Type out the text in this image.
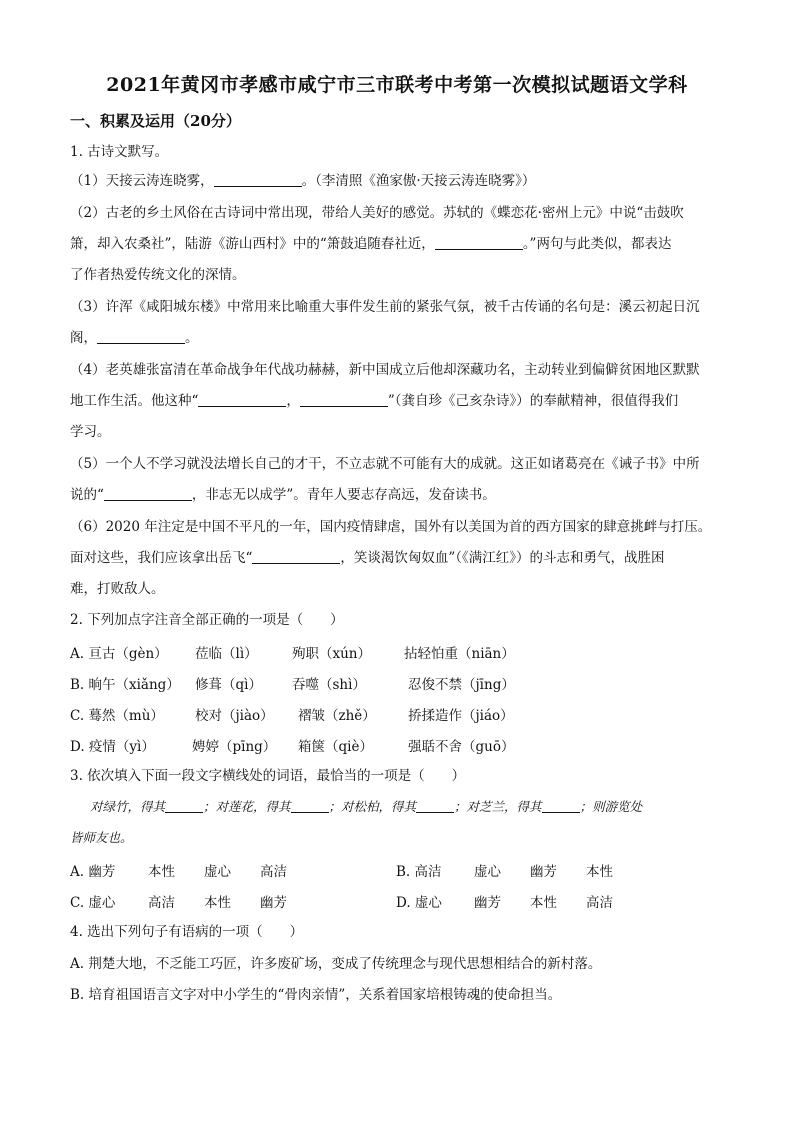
2021年黄冈市孝感市咸宁市三市联考中考第一次模拟试题语文学科
一、积累及运用（20分）
1. 古诗文默写。
（1）天接云涛连晓雾，	。（李清照《渔家傲·天接云涛连晓雾》）
（2）古老的乡土风俗在古诗词中常出现，带给人美好的感觉。苏轼的《蝶恋花·密州上元》中说“击鼓吹
箫，却入农桑社”，陆游《游山西村》中的“箫鼓追随春社近，	。”两句与此类似，都表达
了作者热爱传统文化的深情。
（3）许浑《咸阳城东楼》中常用来比喻重大事件发生前的紧张气氛，被千古传诵的名句是：溪云初起日沉
阁，	。
（4）老英雄张富清在革命战争年代战功赫赫，新中国成立后他却深藏功名，主动转业到偏僻贫困地区默默
地工作生活。他这种“	，	”（龚自珍《己亥杂诗》）的奉献精神，很值得我们
学习。
（5）一个人不学习就没法增长自己的才干，不立志就不可能有大的成就。这正如诸葛亮在《诫子书》中所
说的“	，非志无以成学”。青年人要志存高远，发奋读书。
（6）2020 年注定是中国不平凡的一年，国内疫情肆虐，国外有以美国为首的西方国家的肆意挑衅与打压。
面对这些，我们应该拿出岳飞“	，笑谈渴饮匈奴血”（《满江红》）的斗志和勇气，战胜困
难，打败敌人。
2. 下列加点字注音全部正确的一项是（　　）
A. 亘古（gèn） 莅临（lì）	殉职（xún） 拈轻怕重（niān）
B. 晌午（xiǎng） 修葺（qì） 吞噬（shì）	忍俊不禁（jīng）
C. 蓦然（mù） 校对（jiào） 褶皱（zhě） 挢揉造作（jiáo）
D. 疫情（yì）	娉婷（pīng） 箱箧（qiè）	强聒不舍（guō）
3. 依次填入下面一段文字横线处的词语，最恰当的一项是（　　）
对绿竹，得其	；对莲花，得其	；对松柏，得其	；对芝兰，得其	；则游览处
皆师友也。
A. 幽芳 本性 虚心 高洁	B. 高洁 虚心 幽芳 本性
C. 虚心 高洁 本性 幽芳	D. 虚心 幽芳 本性 高洁
4. 选出下列句子有语病的一项（　　）
A. 荆楚大地，不乏能工巧匠，许多废矿场，变成了传统理念与现代思想相结合的新村落。
B. 培育祖国语言文字对中小学生的“骨肉亲情”，关系着国家培根铸魂的使命担当。
